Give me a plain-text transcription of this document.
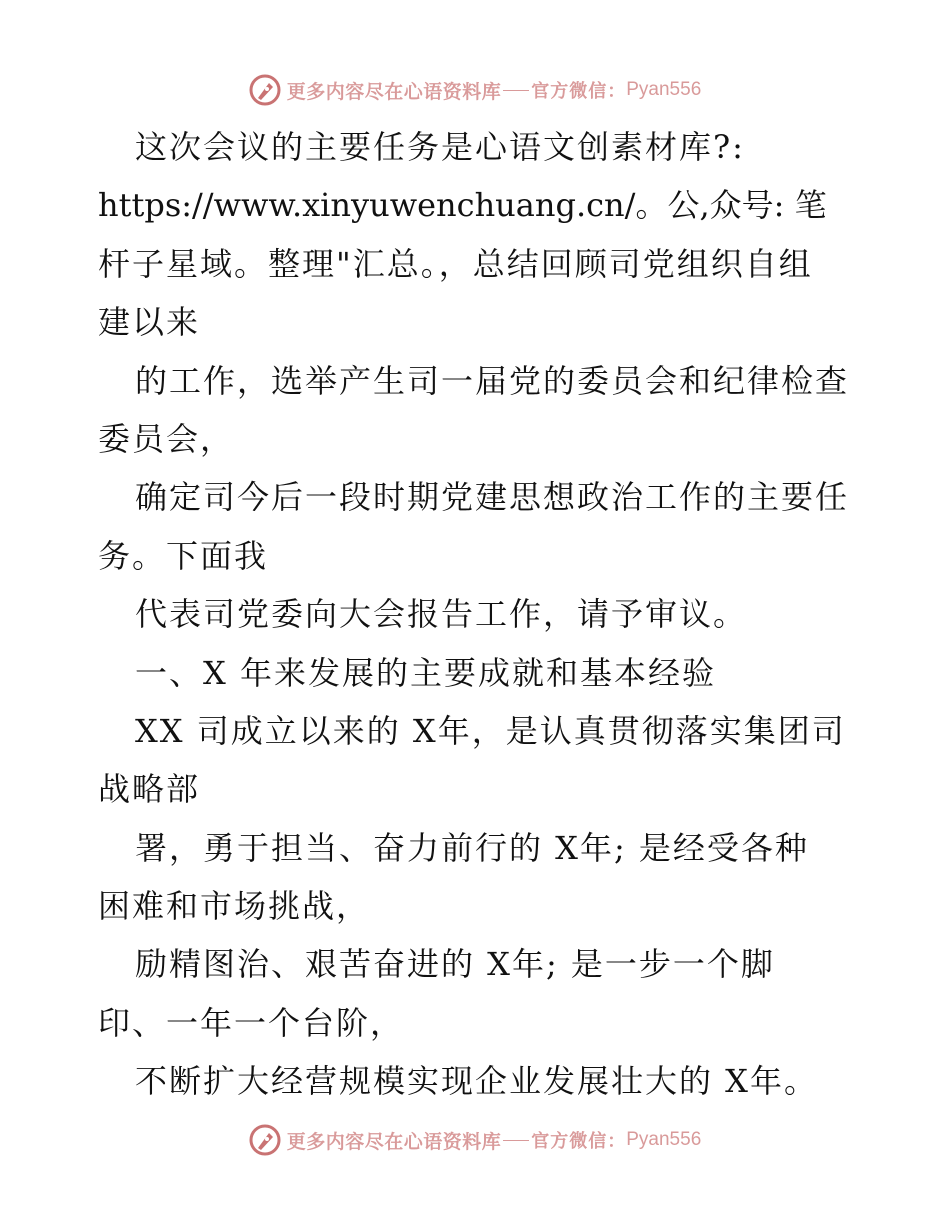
更多内容尽在心语资料库 官方微信： Pyan556
这次会议的主要任务是心语文创素材库?:
https://www.xinyuwenchuang.cn/。公,众号: 笔
杆子星域。整理"汇总。，总结回顾司党组织自组
建以来
的工作，选举产生司一届党的委员会和纪律检查
委员会，
确定司今后一段时期党建思想政治工作的主要任
务。下面我
代表司党委向大会报告工作，请予审议。
一、X 年来发展的主要成就和基本经验
XX 司成立以来的 X年，是认真贯彻落实集团司
战略部
署，勇于担当、奋力前行的 X年; 是经受各种
困难和市场挑战，
励精图治、艰苦奋进的 X年; 是一步一个脚
印、一年一个台阶，
不断扩大经营规模实现企业发展壮大的 X年。
更多内容尽在心语资料库 官方微信： Pyan556
